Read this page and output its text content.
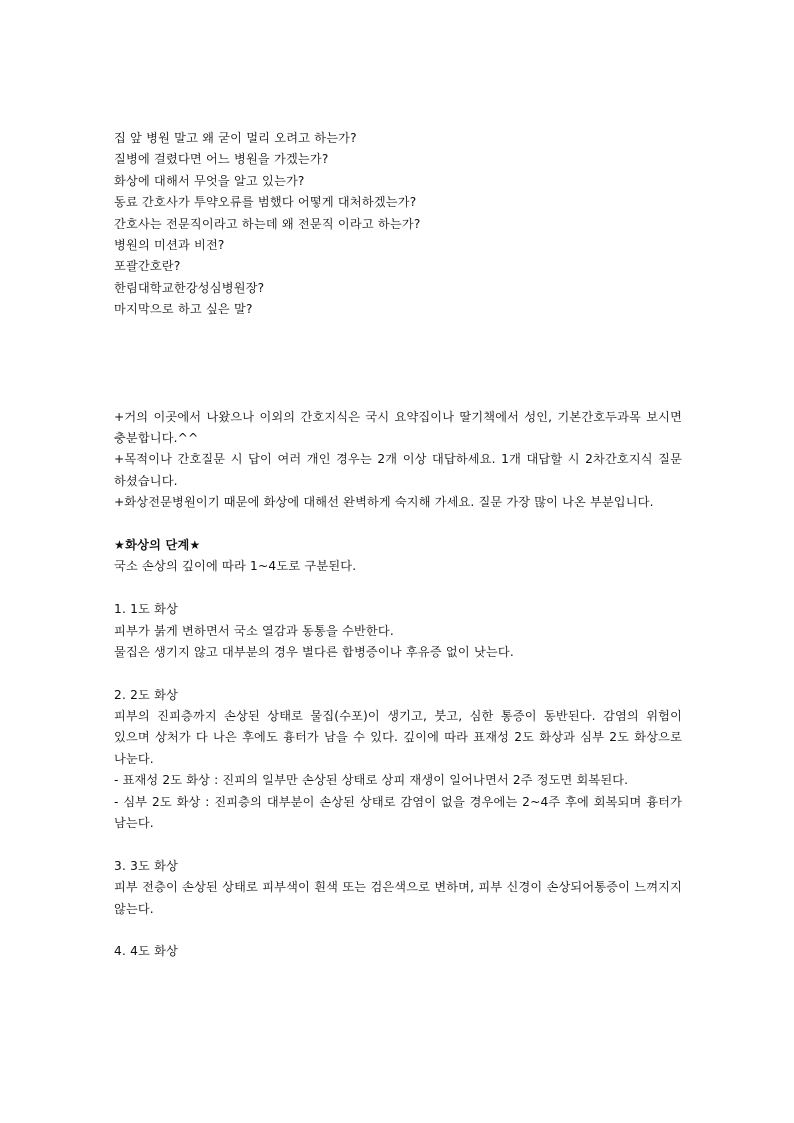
집 앞 병원 말고 왜 굳이 멀리 오려고 하는가?
질병에 걸렸다면 어느 병원을 가겠는가?
화상에 대해서 무엇을 알고 있는가?
동료 간호사가 투약오류를 범했다 어떻게 대처하겠는가?
간호사는 전문직이라고 하는데 왜 전문직 이라고 하는가?
병원의 미션과 비전?
포괄간호란?
한림대학교한강성심병원장?
마지막으로 하고 싶은 말?
+거의 이곳에서 나왔으나 이외의 간호지식은 국시 요약집이나 딸기책에서 성인, 기본간호두과목 보시면 충분합니다.^^
+목적이나 간호질문 시 답이 여러 개인 경우는 2개 이상 대답하세요. 1개 대답할 시 2차간호지식 질문 하셨습니다.
+화상전문병원이기 때문에 화상에 대해선 완벽하게 숙지해 가세요. 질문 가장 많이 나온 부분입니다.
★화상의 단계★
국소 손상의 깊이에 따라 1~4도로 구분된다.
1. 1도 화상
피부가 붉게 변하면서 국소 열감과 동통을 수반한다.
물집은 생기지 않고 대부분의 경우 별다른 합병증이나 후유증 없이 낫는다.
2. 2도 화상
피부의 진피층까지 손상된 상태로 물집(수포)이 생기고, 붓고, 심한 통증이 동반된다. 감염의 위험이 있으며 상처가 다 나은 후에도 흉터가 남을 수 있다. 깊이에 따라 표재성 2도 화상과 심부 2도 화상으로 나눈다.
- 표재성 2도 화상 : 진피의 일부만 손상된 상태로 상피 재생이 일어나면서 2주 정도면 회복된다.
- 심부 2도 화상 : 진피층의 대부분이 손상된 상태로 감염이 없을 경우에는 2~4주 후에 회복되며 흉터가 남는다.
3. 3도 화상
피부 전층이 손상된 상태로 피부색이 흰색 또는 검은색으로 변하며, 피부 신경이 손상되어통증이 느껴지지 않는다.
4. 4도 화상
